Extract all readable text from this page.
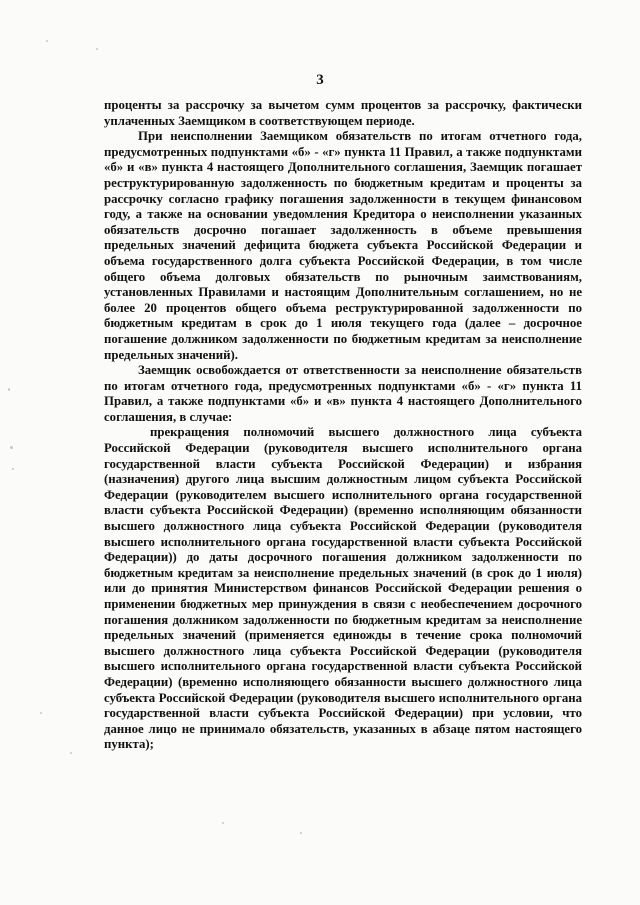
3

проценты за рассрочку за вычетом сумм процентов за рассрочку, фактически уплаченных Заемщиком в соответствующем периоде.

При неисполнении Заемщиком обязательств по итогам отчетного года, предусмотренных подпунктами «б» - «г» пункта 11 Правил, а также подпунктами «б» и «в» пункта 4 настоящего Дополнительного соглашения, Заемщик погашает реструктурированную задолженность по бюджетным кредитам и проценты за рассрочку согласно графику погашения задолженности в текущем финансовом году, а также на основании уведомления Кредитора о неисполнении указанных обязательств досрочно погашает задолженность в объеме превышения предельных значений дефицита бюджета субъекта Российской Федерации и объема государственного долга субъекта Российской Федерации, в том числе общего объема долговых обязательств по рыночным заимствованиям, установленных Правилами и настоящим Дополнительным соглашением, но не более 20 процентов общего объема реструктурированной задолженности по бюджетным кредитам в срок до 1 июля текущего года (далее – досрочное погашение должником задолженности по бюджетным кредитам за неисполнение предельных значений).

Заемщик освобождается от ответственности за неисполнение обязательств по итогам отчетного года, предусмотренных подпунктами «б» - «г» пункта 11 Правил, а также подпунктами «б» и «в» пункта 4 настоящего Дополнительного соглашения, в случае:

прекращения полномочий высшего должностного лица субъекта Российской Федерации (руководителя высшего исполнительного органа государственной власти субъекта Российской Федерации) и избрания (назначения) другого лица высшим должностным лицом субъекта Российской Федерации (руководителем высшего исполнительного органа государственной власти субъекта Российской Федерации) (временно исполняющим обязанности высшего должностного лица субъекта Российской Федерации (руководителя высшего исполнительного органа государственной власти субъекта Российской Федерации)) до даты досрочного погашения должником задолженности по бюджетным кредитам за неисполнение предельных значений (в срок до 1 июля) или до принятия Министерством финансов Российской Федерации решения о применении бюджетных мер принуждения в связи с необеспечением досрочного погашения должником задолженности по бюджетным кредитам за неисполнение предельных значений (применяется единожды в течение срока полномочий высшего должностного лица субъекта Российской Федерации (руководителя высшего исполнительного органа государственной власти субъекта Российской Федерации) (временно исполняющего обязанности высшего должностного лица субъекта Российской Федерации (руководителя высшего исполнительного органа государственной власти субъекта Российской Федерации) при условии, что данное лицо не принимало обязательств, указанных в абзаце пятом настоящего пункта);
